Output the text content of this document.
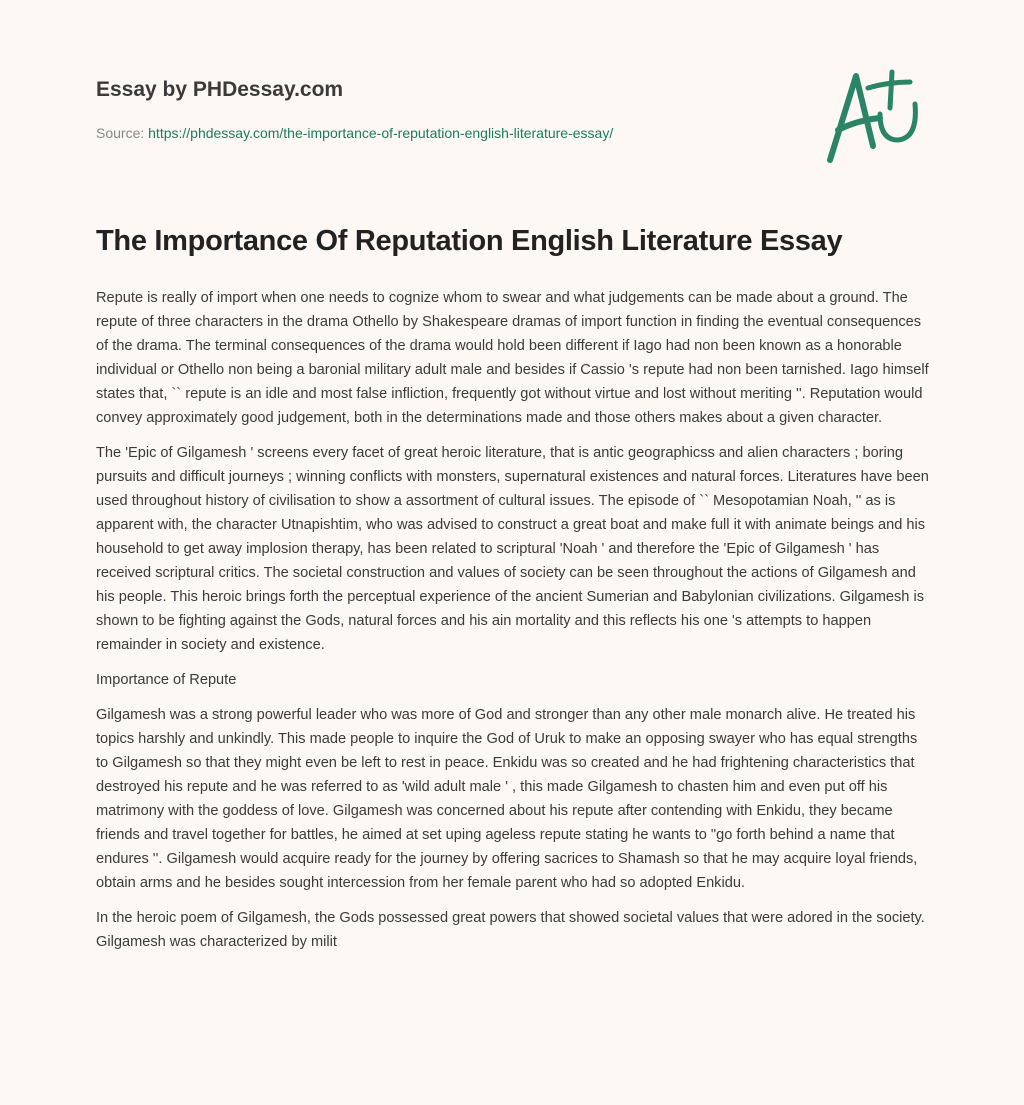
Essay by PHDessay.com

Source: https://phdessay.com/the-importance-of-reputation-english-literature-essay/
The Importance Of Reputation English Literature Essay

Repute is really of import when one needs to cognize whom to swear and what judgements can be made about a ground. The repute of three characters in the drama Othello by Shakespeare dramas of import function in finding the eventual consequences of the drama. The terminal consequences of the drama would hold been different if Iago had non been known as a honorable individual or Othello non being a baronial military adult male and besides if Cassio 's repute had non been tarnished. Iago himself states that, `` repute is an idle and most false infliction, frequently got without virtue and lost without meriting ''. Reputation would convey approximately good judgement, both in the determinations made and those others makes about a given character.

The 'Epic of Gilgamesh ' screens every facet of great heroic literature, that is antic geographicss and alien characters ; boring pursuits and difficult journeys ; winning conflicts with monsters, supernatural existences and natural forces. Literatures have been used throughout history of civilisation to show a assortment of cultural issues. The episode of `` Mesopotamian Noah, '' as is apparent with, the character Utnapishtim, who was advised to construct a great boat and make full it with animate beings and his household to get away implosion therapy, has been related to scriptural 'Noah ' and therefore the 'Epic of Gilgamesh ' has received scriptural critics. The societal construction and values of society can be seen throughout the actions of Gilgamesh and his people. This heroic brings forth the perceptual experience of the ancient Sumerian and Babylonian civilizations. Gilgamesh is shown to be fighting against the Gods, natural forces and his ain mortality and this reflects his one 's attempts to happen remainder in society and existence.

Importance of Repute

Gilgamesh was a strong powerful leader who was more of God and stronger than any other male monarch alive. He treated his topics harshly and unkindly. This made people to inquire the God of Uruk to make an opposing swayer who has equal strengths to Gilgamesh so that they might even be left to rest in peace. Enkidu was so created and he had frightening characteristics that destroyed his repute and he was referred to as 'wild adult male ' , this made Gilgamesh to chasten him and even put off his matrimony with the goddess of love. Gilgamesh was concerned about his repute after contending with Enkidu, they became friends and travel together for battles, he aimed at set uping ageless repute stating he wants to "go forth behind a name that endures ''. Gilgamesh would acquire ready for the journey by offering sacrices to Shamash so that he may acquire loyal friends, obtain arms and he besides sought intercession from her female parent who had so adopted Enkidu.

In the heroic poem of Gilgamesh, the Gods possessed great powers that showed societal values that were adored in the society. Gilgamesh was characterized by milit
